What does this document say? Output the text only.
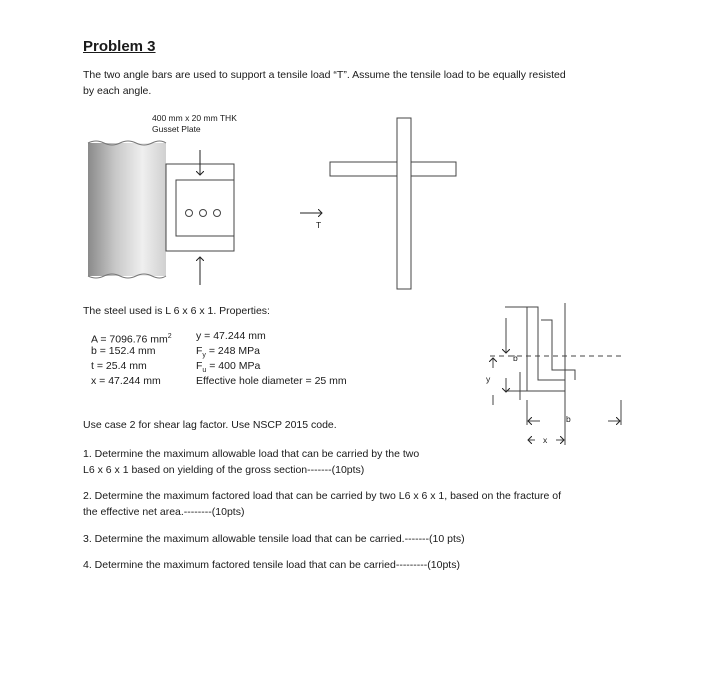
Problem 3
The two angle bars are used to support a tensile load “T”. Assume the tensile load to be equally resisted
by each angle.
400 mm x 20 mm THK
Gusset Plate
T
b
y
x
b
The steel used is L 6 x 6 x 1. Properties:
A = 7096.76 $mm^2$
b = 152.4 mm
t = 25.4 mm
x = 47.244 mm
y = 47.244 mm
$F_y = 248$ MPa
$F_u = 400$ MPa
Effective hole diameter = 25 mm
Use case 2 for shear lag factor. Use NSCP 2015 code.
1. Determine the maximum allowable load that can be carried by the two
L6 x 6 x 1 based on yielding of the gross section-------(10pts)
2. Determine the maximum factored load that can be carried by two L6 x 6 x 1, based on the fracture of
the effective net area.--------(10pts)
3. Determine the maximum allowable tensile load that can be carried.-------(10 pts)
4. Determine the maximum factored tensile load that can be carried---------(10pts)
